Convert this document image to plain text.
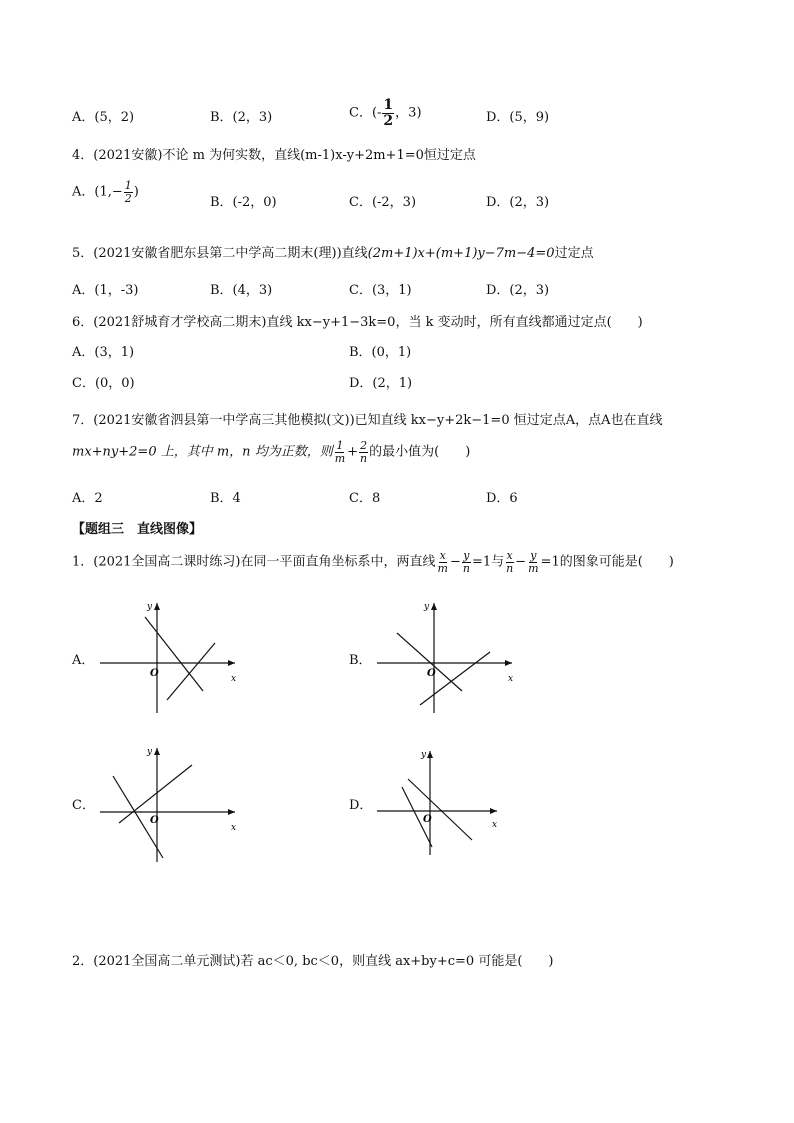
A．(5，2)	B．(2，3)	C．(- $\frac{1}{2}$ ，3)	D．(5，9)
4．(2021安徽)不论 m 为何实数，直线(m-1)x-y+2m+1=0恒过定点
A．($1,- \frac{1}{2}$ )
B．(-2，0)	C．(-2，3)	D．(2，3)
5．(2021安徽省肥东县第二中学高二期末(理))直线(2m+1)x+(m+1)y−7m−4=0过定点
A．(1，-3)	B．(4，3)	C．(3，1)	D．(2，3)
6．(2021舒城育才学校高二期末)直线 kx−y+1−3k=0，当 k 变动时，所有直线都通过定点(　　)
A．(3，1)	B．(0，1)
C．(0，0)	D．(2，1)
7．(2021安徽省泗县第一中学高三其他模拟(文))已知直线 kx−y+2k−1=0 恒过定点A，点A也在直线
mx+ny+2=0 上，其中 m，n 均为正数，则 $\frac{1}{m} + \frac{2}{n}$ 的最小值为(　　)
A．2	B．4	C．8	D．6
【题组三　直线图像】
1．(2021全国高二课时练习)在同一平面直角坐标系中，两直线 $\frac{x}{m} - \frac{y}{n} =1$与 $\frac{x}{n} - \frac{y}{m} =1$的图象可能是(　　)
A．	B．
C．	D．
x
y
O	x
y
O
x
y
O	x
y
O
2．(2021全国高二单元测试)若 ac＜0, bc＜0，则直线 ax+by+c=0 可能是(　　)
